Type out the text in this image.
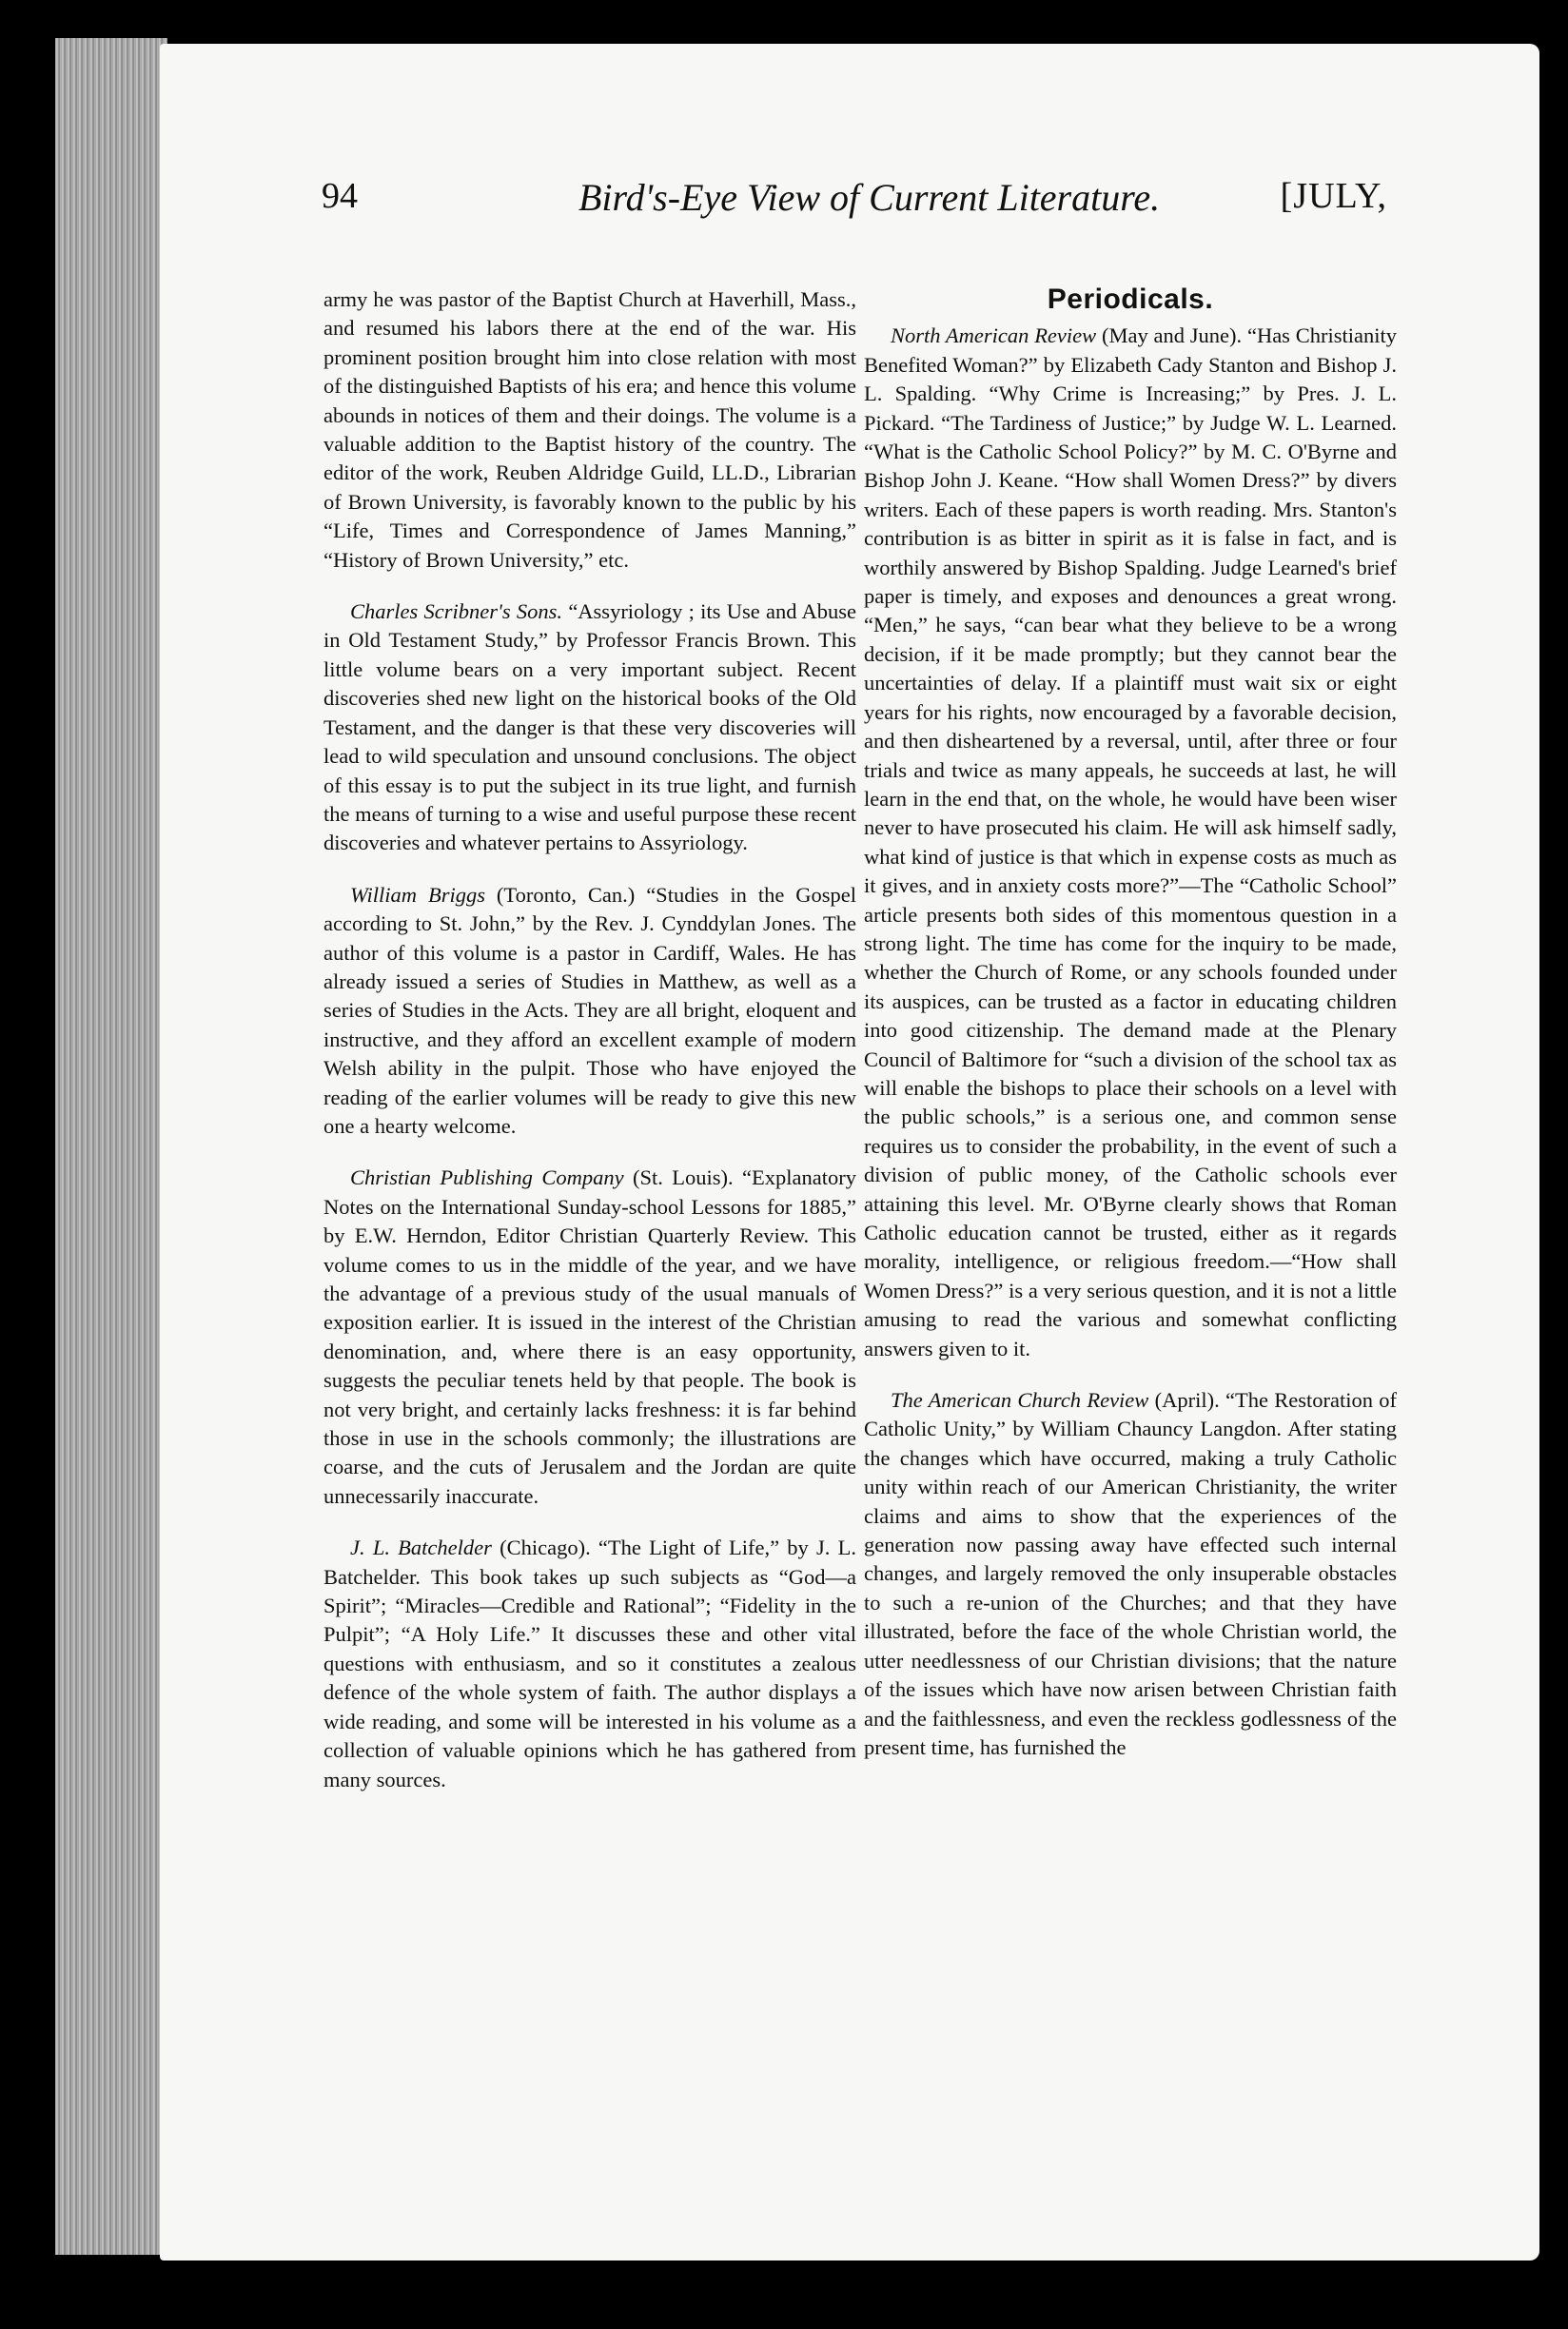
94	Bird's-Eye View of Current Literature.	[JULY,

army he was pastor of the Baptist Church at Haverhill, Mass., and resumed his labors there at the end of the war. His prominent position brought him into close relation with most of the distinguished Baptists of his era; and hence this volume abounds in notices of them and their doings. The volume is a valuable addition to the Baptist history of the country. The editor of the work, Reuben Aldridge Guild, LL.D., Librarian of Brown University, is favorably known to the public by his “Life, Times and Correspondence of James Manning,” “History of Brown University,” etc.

Charles Scribner's Sons. “Assyriology ; its Use and Abuse in Old Testament Study,” by Professor Francis Brown. This little volume bears on a very important subject. Recent discoveries shed new light on the historical books of the Old Testament, and the danger is that these very discoveries will lead to wild speculation and unsound conclusions. The object of this essay is to put the subject in its true light, and furnish the means of turning to a wise and useful purpose these recent discoveries and whatever pertains to Assyriology.

William Briggs (Toronto, Can.) “Studies in the Gospel according to St. John,” by the Rev. J. Cynddylan Jones. The author of this volume is a pastor in Cardiff, Wales. He has already issued a series of Studies in Matthew, as well as a series of Studies in the Acts. They are all bright, eloquent and instructive, and they afford an excellent example of modern Welsh ability in the pulpit. Those who have enjoyed the reading of the earlier volumes will be ready to give this new one a hearty welcome.

Christian Publishing Company (St. Louis). “Explanatory Notes on the International Sunday-school Lessons for 1885,” by E.W. Herndon, Editor Christian Quarterly Review. This volume comes to us in the middle of the year, and we have the advantage of a previous study of the usual manuals of exposition earlier. It is issued in the interest of the Christian denomination, and, where there is an easy opportunity, suggests the peculiar tenets held by that people. The book is not very bright, and certainly lacks freshness: it is far behind those in use in the schools commonly; the illustrations are coarse, and the cuts of Jerusalem and the Jordan are quite unnecessarily inaccurate.

J. L. Batchelder (Chicago). “The Light of Life,” by J. L. Batchelder. This book takes up such subjects as “God—a Spirit”; “Miracles—Credible and Rational”; “Fidelity in the Pulpit”; “A Holy Life.” It discusses these and other vital questions with enthusiasm, and so it constitutes a zealous defence of the whole system of faith. The author displays a wide reading, and some will be interested in his volume as a collection of valuable opinions which he has gathered from many sources.

Periodicals.

North American Review (May and June). “Has Christianity Benefited Woman?” by Elizabeth Cady Stanton and Bishop J. L. Spalding. “Why Crime is Increasing;” by Pres. J. L. Pickard. “The Tardiness of Justice;” by Judge W. L. Learned. “What is the Catholic School Policy?” by M. C. O'Byrne and Bishop John J. Keane. “How shall Women Dress?” by divers writers. Each of these papers is worth reading. Mrs. Stanton's contribution is as bitter in spirit as it is false in fact, and is worthily answered by Bishop Spalding. Judge Learned's brief paper is timely, and exposes and denounces a great wrong. “Men,” he says, “can bear what they believe to be a wrong decision, if it be made promptly; but they cannot bear the uncertainties of delay. If a plaintiff must wait six or eight years for his rights, now encouraged by a favorable decision, and then disheartened by a reversal, until, after three or four trials and twice as many appeals, he succeeds at last, he will learn in the end that, on the whole, he would have been wiser never to have prosecuted his claim. He will ask himself sadly, what kind of justice is that which in expense costs as much as it gives, and in anxiety costs more?”—The “Catholic School” article presents both sides of this momentous question in a strong light. The time has come for the inquiry to be made, whether the Church of Rome, or any schools founded under its auspices, can be trusted as a factor in educating children into good citizenship. The demand made at the Plenary Council of Baltimore for “such a division of the school tax as will enable the bishops to place their schools on a level with the public schools,” is a serious one, and common sense requires us to consider the probability, in the event of such a division of public money, of the Catholic schools ever attaining this level. Mr. O'Byrne clearly shows that Roman Catholic education cannot be trusted, either as it regards morality, intelligence, or religious freedom.—“How shall Women Dress?” is a very serious question, and it is not a little amusing to read the various and somewhat conflicting answers given to it.

The American Church Review (April). “The Restoration of Catholic Unity,” by William Chauncy Langdon. After stating the changes which have occurred, making a truly Catholic unity within reach of our American Christianity, the writer claims and aims to show that the experiences of the generation now passing away have effected such internal changes, and largely removed the only insuperable obstacles to such a re-union of the Churches; and that they have illustrated, before the face of the whole Christian world, the utter needlessness of our Christian divisions; that the nature of the issues which have now arisen between Christian faith and the faithlessness, and even the reckless godlessness of the present time, has furnished the
